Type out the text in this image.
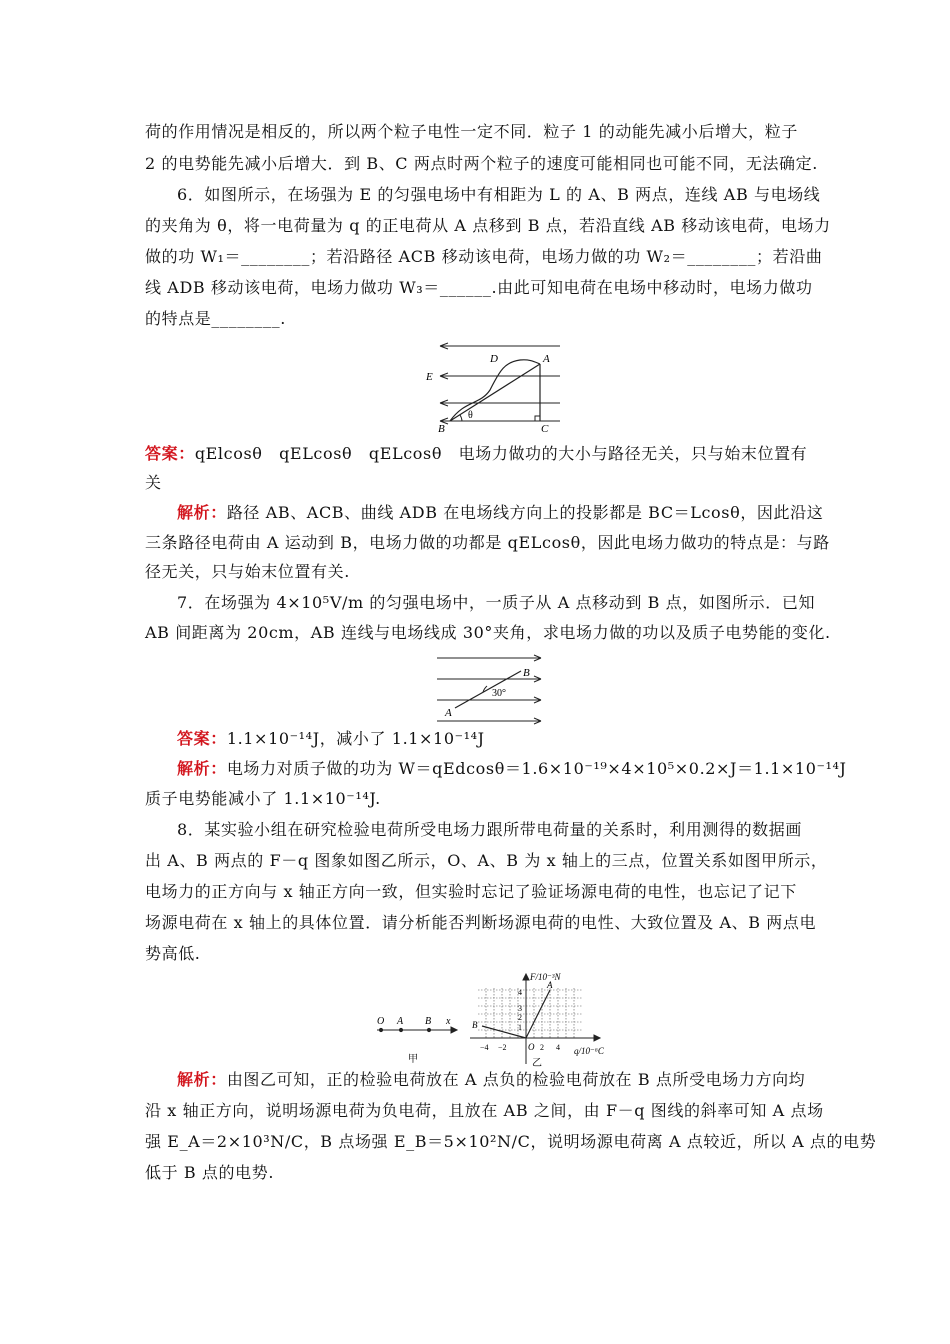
荷的作用情况是相反的，所以两个粒子电性一定不同．粒子 1 的动能先减小后增大，粒子
2 的电势能先减小后增大．到 B、C 两点时两个粒子的速度可能相同也可能不同，无法确定.
6．如图所示，在场强为 E 的匀强电场中有相距为 L 的 A、B 两点，连线 AB 与电场线
的夹角为 θ，将一电荷量为 q 的正电荷从 A 点移到 B 点，若沿直线 AB 移动该电荷，电场力
做的功 W₁＝________；若沿路径 ACB 移动该电荷，电场力做的功 W₂＝________；若沿曲
线 ADB 移动该电荷，电场力做功 W₃＝______.由此可知电荷在电场中移动时，电场力做功
的特点是________.
E
D	A
B	C
θ
答案：qElcosθ　qELcosθ　qELcosθ　电场力做功的大小与路径无关，只与始末位置有
关
解析：路径 AB、ACB、曲线 ADB 在电场线方向上的投影都是 BC＝Lcosθ，因此沿这
三条路径电荷由 A 运动到 B，电场力做的功都是 qELcosθ，因此电场力做功的特点是：与路
径无关，只与始末位置有关.
7．在场强为 4×10⁵V/m 的匀强电场中，一质子从 A 点移动到 B 点，如图所示．已知
AB 间距离为 20cm，AB 连线与电场线成 30°夹角，求电场力做的功以及质子电势能的变化.
A
B
30°
答案：1.1×10⁻¹⁴J，减小了 1.1×10⁻¹⁴J
解析：电场力对质子做的功为 W＝qEdcosθ＝1.6×10⁻¹⁹×4×10⁵×0.2×J＝1.1×10⁻¹⁴J
质子电势能减小了 1.1×10⁻¹⁴J.
8．某实验小组在研究检验电荷所受电场力跟所带电荷量的关系时，利用测得的数据画
出 A、B 两点的 F－q 图象如图乙所示，O、A、B 为 x 轴上的三点，位置关系如图甲所示，
电场力的正方向与 x 轴正方向一致，但实验时忘记了验证场源电荷的电性，也忘记了记下
场源电荷在 x 轴上的具体位置．请分析能否判断场源电荷的电性、大致位置及 A、B 两点电
势高低.
O A B x
甲
F/10⁻³N
q/10⁻⁶C
4
3
2
1
−4 −2	2 4
O
A
B
乙
解析：由图乙可知，正的检验电荷放在 A 点负的检验电荷放在 B 点所受电场力方向均
沿 x 轴正方向，说明场源电荷为负电荷，且放在 AB 之间，由 F－q 图线的斜率可知 A 点场
强 E_A＝2×10³N/C，B 点场强 E_B＝5×10²N/C，说明场源电荷离 A 点较近，所以 A 点的电势
低于 B 点的电势.
